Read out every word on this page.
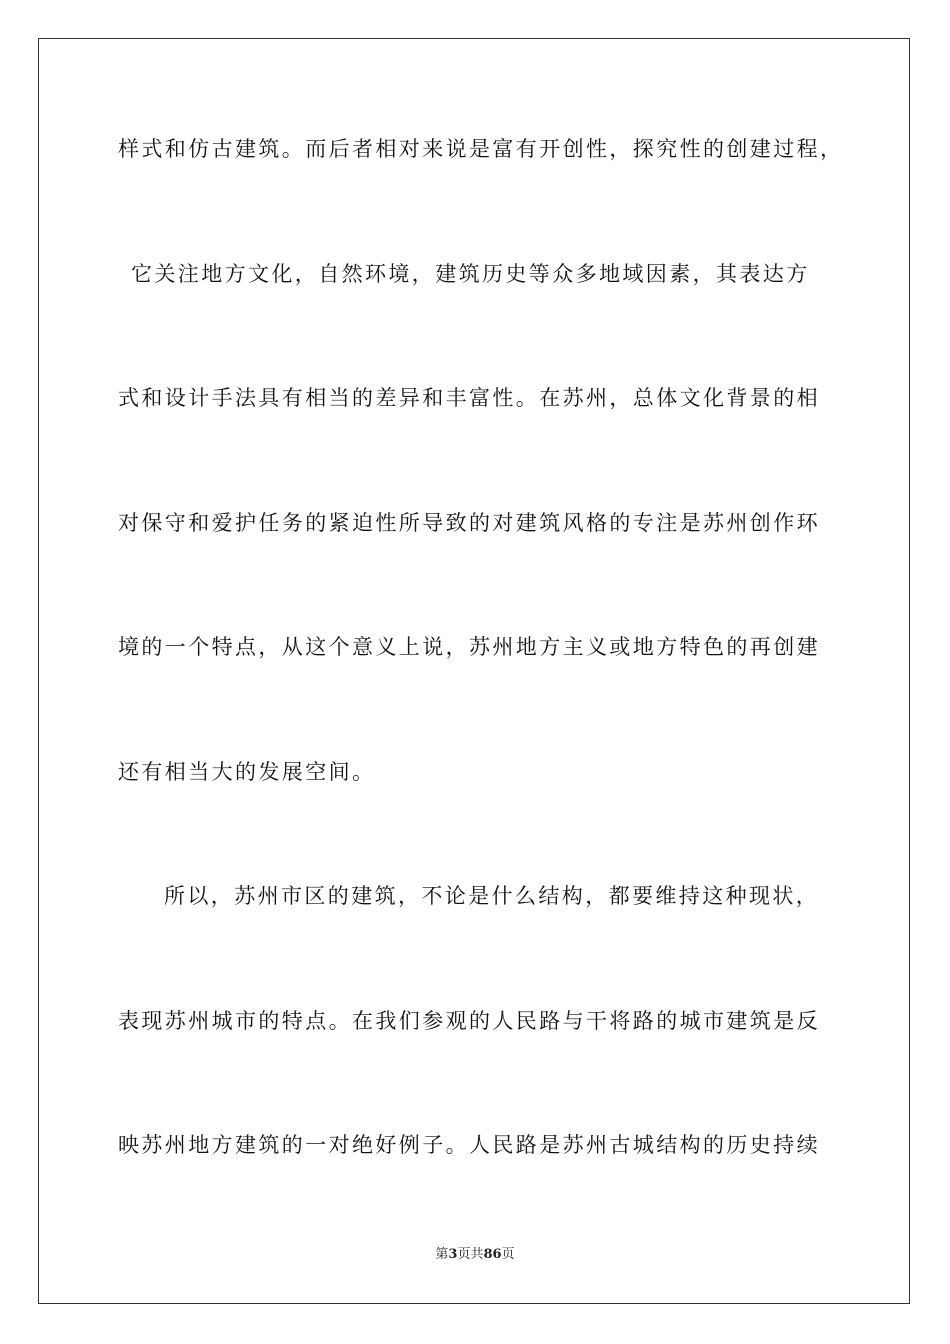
样式和仿古建筑。而后者相对来说是富有开创性，探究性的创建过程，
它关注地方文化，自然环境，建筑历史等众多地域因素，其表达方
式和设计手法具有相当的差异和丰富性。在苏州，总体文化背景的相
对保守和爱护任务的紧迫性所导致的对建筑风格的专注是苏州创作环
境的一个特点，从这个意义上说，苏州地方主义或地方特色的再创建
还有相当大的发展空间。
所以，苏州市区的建筑，不论是什么结构，都要维持这种现状，
表现苏州城市的特点。在我们参观的人民路与干将路的城市建筑是反
映苏州地方建筑的一对绝好例子。人民路是苏州古城结构的历史持续
第3页共86页
